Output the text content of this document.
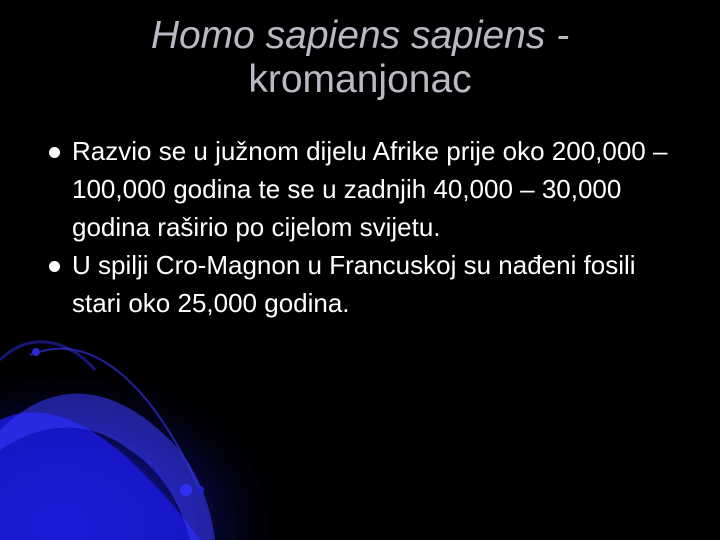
Homo sapiens sapiens -
kromanjonac
Razvio se u južnom dijelu Afrike prije oko 200,000 – 100,000 godina te se u zadnjih 40,000 – 30,000 godina raširio po cijelom svijetu.
U spilji Cro-Magnon u Francuskoj su nađeni fosili stari oko 25,000 godina.
